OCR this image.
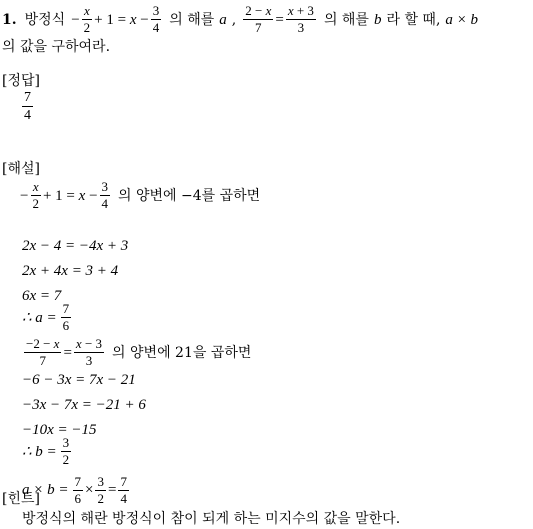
1. 방정식 − $\frac{x}{2} + 1 = x - \frac{3}{4}$ 의 해를 a , $\frac{2 - x}{7} = \frac{x + 3}{3}$ 의 해를 b 라 할 때, a × b
의 값을 구하여라.
[정답]
$\frac{7}{4}$
[해설]
− $\frac{x}{2} + 1 = x - \frac{3}{4}$ 의 양변에 −4를 곱하면
2x − 4 = −4x + 3
2x + 4x = 3 + 4
6x = 7
∴ $a = \frac{7}{6}$
$\frac{-2 - x}{7} = \frac{x - 3}{3}$ 의 양변에 21을 곱하면
−6 − 3x = 7x − 21
−3x − 7x = −21 + 6
−10x = −15
∴ $b = \frac{3}{2}$
$a \times b = \frac{7}{6} \times \frac{3}{2} = \frac{7}{4}$
[힌트]
방정식의 해란 방정식이 참이 되게 하는 미지수의 값을 말한다.
